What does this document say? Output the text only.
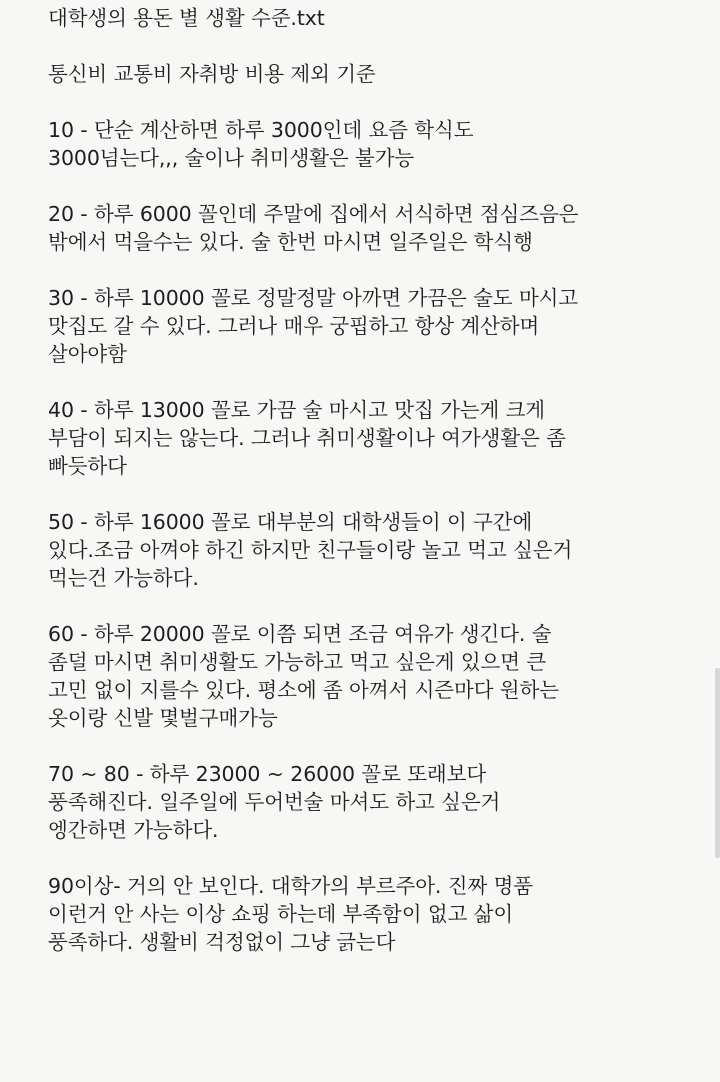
대학생의 용돈 별 생활 수준.txt
통신비 교통비 자취방 비용 제외 기준
10 - 단순 계산하면 하루 3000인데 요즘 학식도
3000넘는다,,, 술이나 취미생활은 불가능
20 - 하루 6000 꼴인데 주말에 집에서 서식하면 점심즈음은
밖에서 먹을수는 있다. 술 한번 마시면 일주일은 학식행
30 - 하루 10000 꼴로 정말정말 아까면 가끔은 술도 마시고
맛집도 갈 수 있다. 그러나 매우 궁핍하고 항상 계산하며
살아야함
40 - 하루 13000 꼴로 가끔 술 마시고 맛집 가는게 크게
부담이 되지는 않는다. 그러나 취미생활이나 여가생활은 좀
빠듯하다
50 - 하루 16000 꼴로 대부분의 대학생들이 이 구간에
있다.조금 아껴야 하긴 하지만 친구들이랑 놀고 먹고 싶은거
먹는건 가능하다.
60 - 하루 20000 꼴로 이쯤 되면 조금 여유가 생긴다. 술
좀덜 마시면 취미생활도 가능하고 먹고 싶은게 있으면 큰
고민 없이 지를수 있다. 평소에 좀 아껴서 시즌마다 원하는
옷이랑 신발 몇벌구매가능
70 ~ 80 - 하루 23000 ~ 26000 꼴로 또래보다
풍족해진다. 일주일에 두어번술 마셔도 하고 싶은거
엥간하면 가능하다.
90이상- 거의 안 보인다. 대학가의 부르주아. 진짜 명품
이런거 안 사는 이상 쇼핑 하는데 부족함이 없고 삶이
풍족하다. 생활비 걱정없이 그냥 긁는다
